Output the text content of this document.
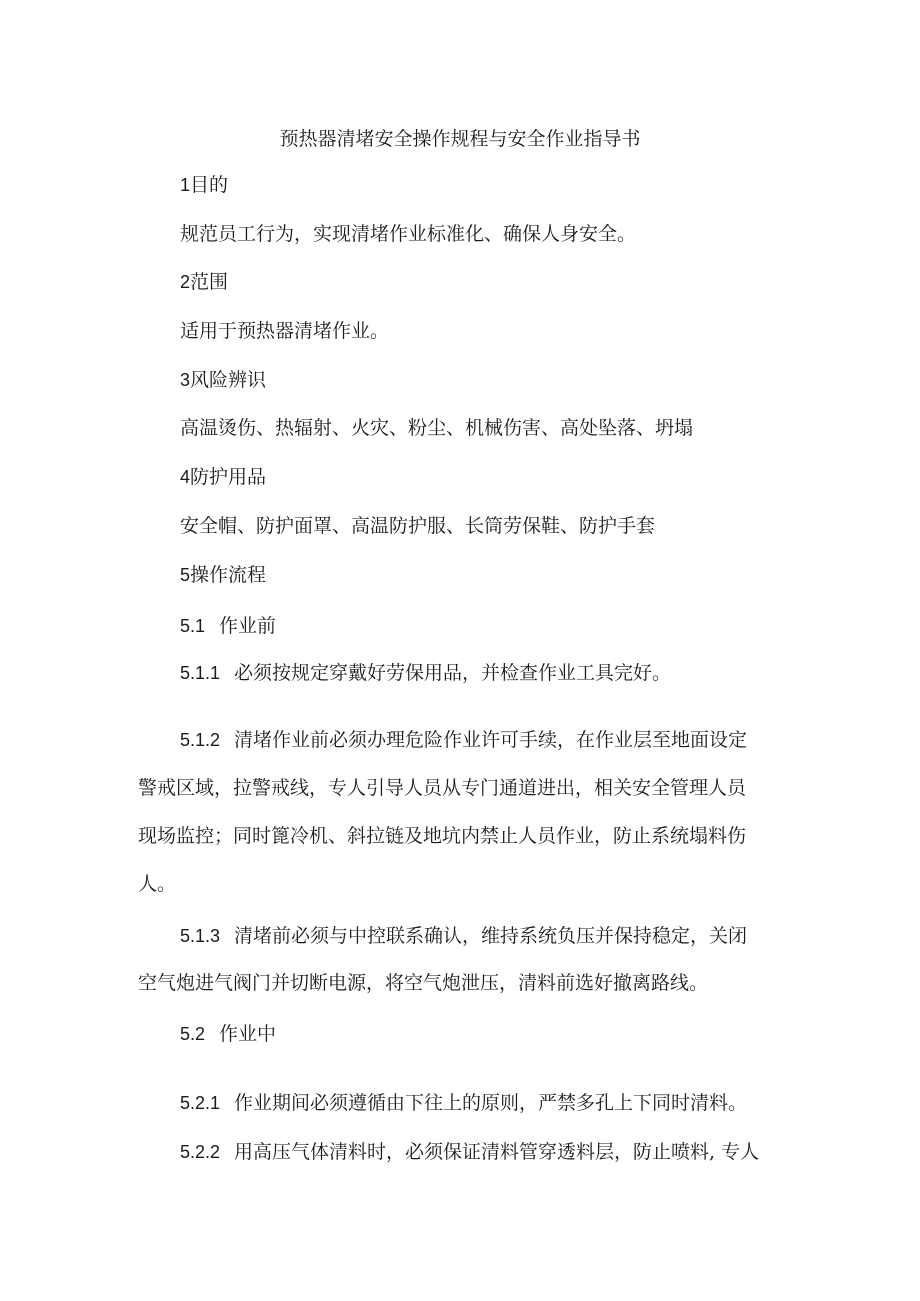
预热器清堵安全操作规程与安全作业指导书
1目的
规范员工行为，实现清堵作业标准化、确保人身安全。
2范围
适用于预热器清堵作业。
3风险辨识
高温烫伤、热辐射、火灾、粉尘、机械伤害、高处坠落、坍塌
4防护用品
安全帽、防护面罩、高温防护服、长筒劳保鞋、防护手套
5操作流程
5.1 作业前
5.1.1 必须按规定穿戴好劳保用品，并检查作业工具完好。
5.1.2 清堵作业前必须办理危险作业许可手续，在作业层至地面设定
警戒区域，拉警戒线，专人引导人员从专门通道进出，相关安全管理人员
现场监控；同时篦冷机、斜拉链及地坑内禁止人员作业，防止系统塌料伤
人。
5.1.3 清堵前必须与中控联系确认，维持系统负压并保持稳定，关闭
空气炮进气阀门并切断电源，将空气炮泄压，清料前选好撤离路线。
5.2 作业中
5.2.1 作业期间必须遵循由下往上的原则，严禁多孔上下同时清料。
5.2.2 用高压气体清料时，必须保证清料管穿透料层，防止喷料, 专人
